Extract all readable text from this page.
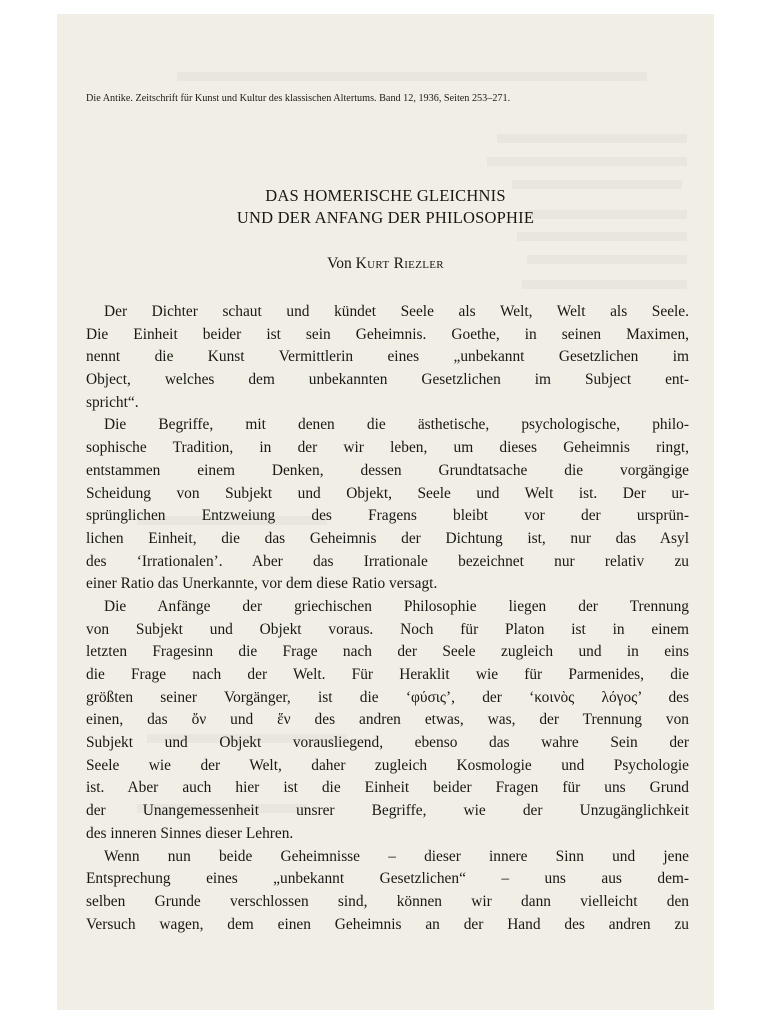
Die Antike. Zeitschrift für Kunst und Kultur des klassischen Altertums. Band 12, 1936, Seiten 253–271.
DAS HOMERISCHE GLEICHNIS
UND DER ANFANG DER PHILOSOPHIE
Von Kurt Riezler
Der Dichter schaut und kündet Seele als Welt, Welt als Seele.
Die Einheit beider ist sein Geheimnis. Goethe, in seinen Maximen,
nennt die Kunst Vermittlerin eines „unbekannt Gesetzlichen im
Object, welches dem unbekannten Gesetzlichen im Subject ent-
spricht“.
Die Begriffe, mit denen die ästhetische, psychologische, philo-
sophische Tradition, in der wir leben, um dieses Geheimnis ringt,
entstammen einem Denken, dessen Grundtatsache die vorgängige
Scheidung von Subjekt und Objekt, Seele und Welt ist. Der ur-
sprünglichen Entzweiung des Fragens bleibt vor der ursprün-
lichen Einheit, die das Geheimnis der Dichtung ist, nur das Asyl
des ‘Irrationalen’. Aber das Irrationale bezeichnet nur relativ zu
einer Ratio das Unerkannte, vor dem diese Ratio versagt.
Die Anfänge der griechischen Philosophie liegen der Trennung
von Subjekt und Objekt voraus. Noch für Platon ist in einem
letzten Fragesinn die Frage nach der Seele zugleich und in eins
die Frage nach der Welt. Für Heraklit wie für Parmenides, die
größten seiner Vorgänger, ist die ‘φύσις’, der ‘κοινὸς λόγος’ des
einen, das ὄν und ἕν des andren etwas, was, der Trennung von
Subjekt und Objekt vorausliegend, ebenso das wahre Sein der
Seele wie der Welt, daher zugleich Kosmologie und Psychologie
ist. Aber auch hier ist die Einheit beider Fragen für uns Grund
der Unangemessenheit unsrer Begriffe, wie der Unzugänglichkeit
des inneren Sinnes dieser Lehren.
Wenn nun beide Geheimnisse – dieser innere Sinn und jene
Entsprechung eines „unbekannt Gesetzlichen“ – uns aus dem-
selben Grunde verschlossen sind, können wir dann vielleicht den
Versuch wagen, dem einen Geheimnis an der Hand des andren zu
